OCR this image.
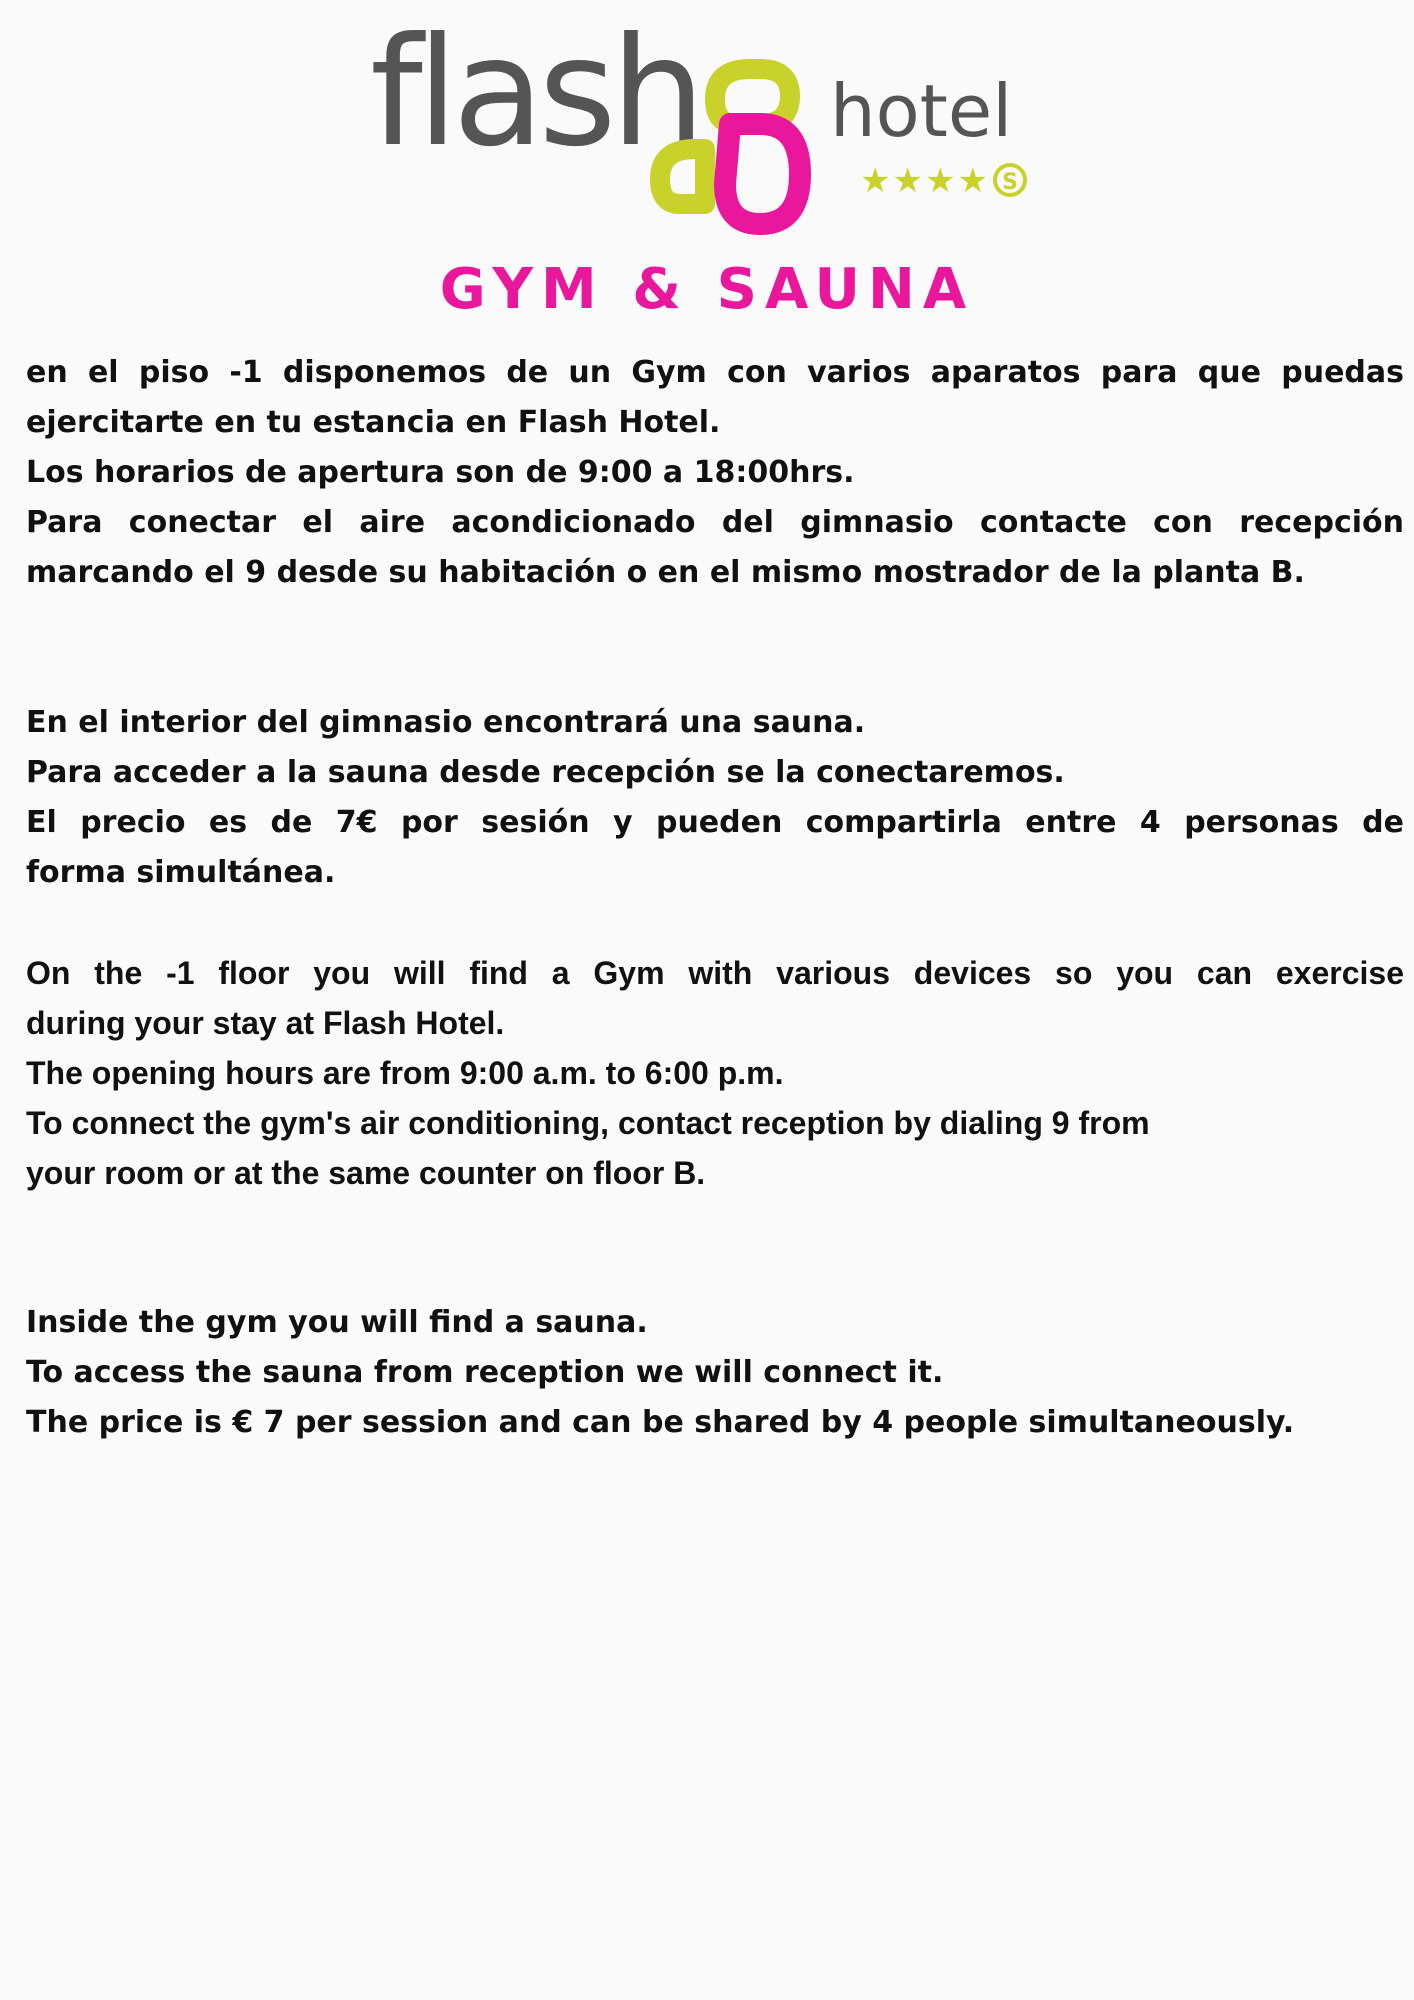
flash hotel
★★★★ S
GYM & SAUNA
en el piso -1 disponemos de un Gym con varios aparatos para que puedas
ejercitarte en tu estancia en Flash Hotel.
Los horarios de apertura son de 9:00 a 18:00hrs.
Para conectar el aire acondicionado del gimnasio contacte con recepción
marcando el 9 desde su habitación o en el mismo mostrador de la planta B.
En el interior del gimnasio encontrará una sauna.
Para acceder a la sauna desde recepción se la conectaremos.
El precio es de 7€ por sesión y pueden compartirla entre 4 personas de
forma simultánea.
On the -1 floor you will find a Gym with various devices so you can exercise
during your stay at Flash Hotel.
The opening hours are from 9:00 a.m. to 6:00 p.m.
To connect the gym's air conditioning, contact reception by dialing 9 from
your room or at the same counter on floor B.
Inside the gym you will find a sauna.
To access the sauna from reception we will connect it.
The price is € 7 per session and can be shared by 4 people simultaneously.
